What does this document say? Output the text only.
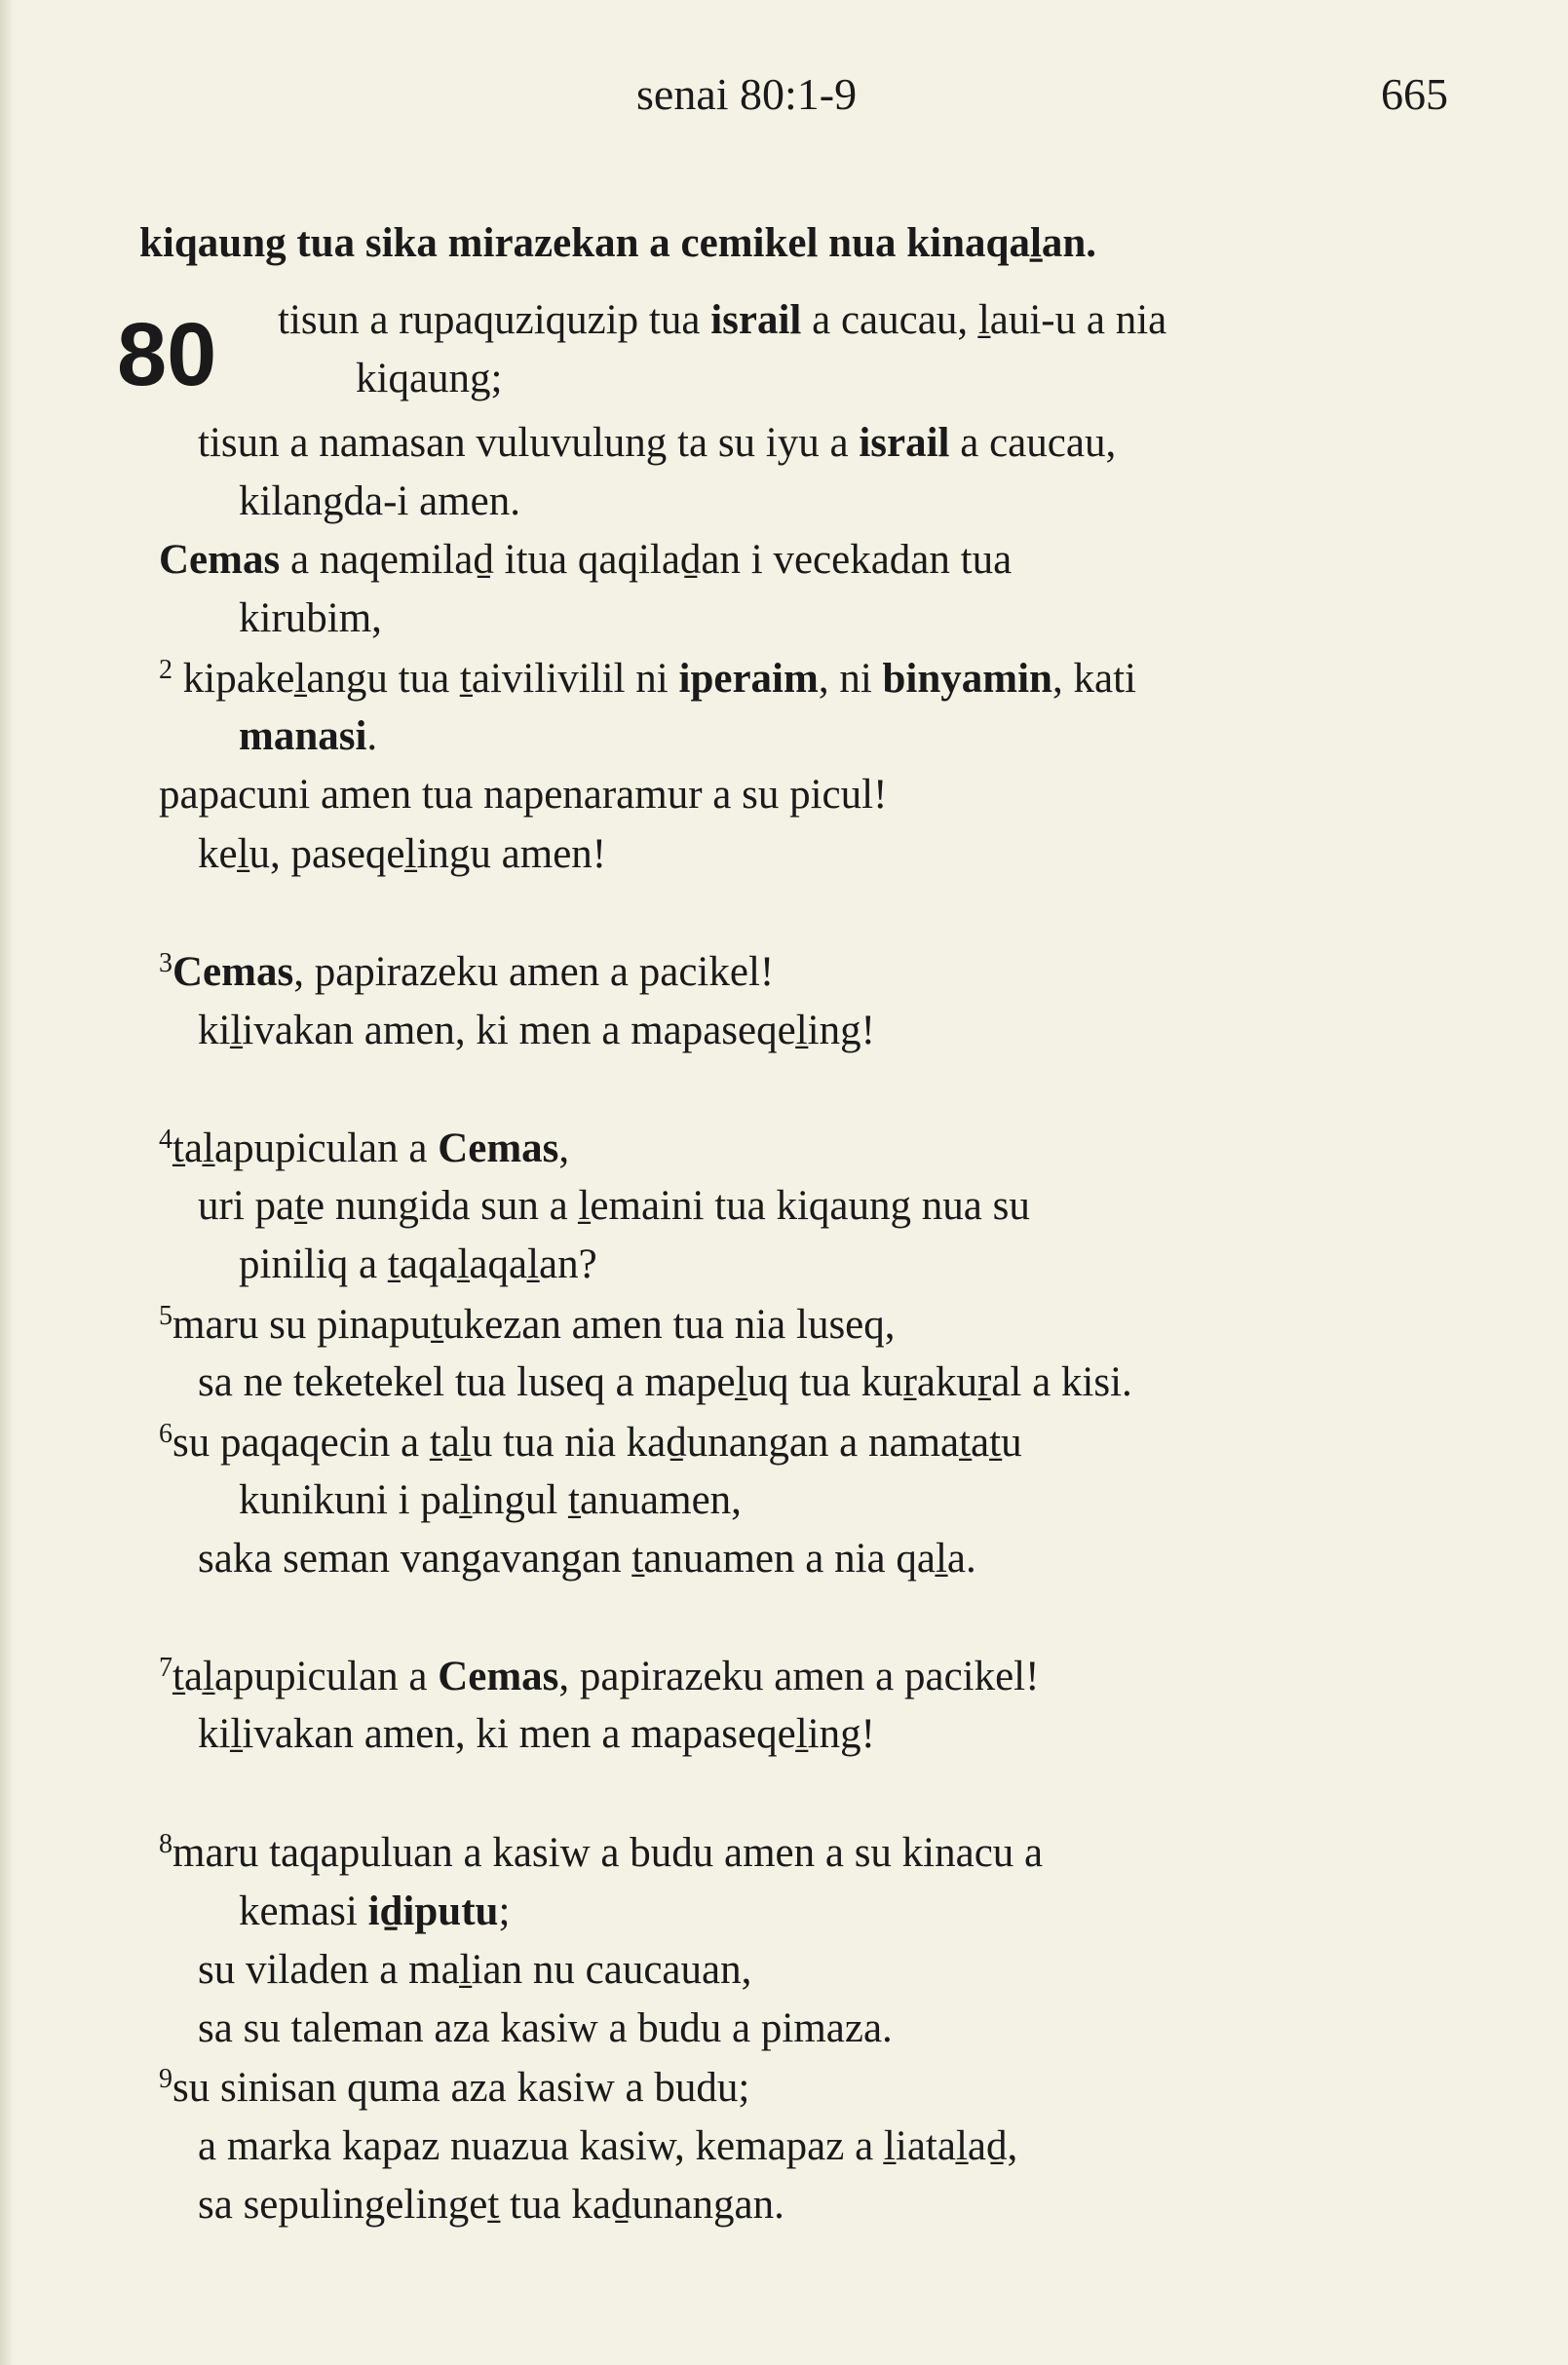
senai 80:1-9	665
kiqaung tua sika mirazekan a cemikel nua kinaqaḻan.
80 tisun a rupaquziquzip tua israil a caucau, ḻaui-u a nia
kiqaung;
tisun a namasan vuluvulung ta su iyu a israil a caucau,
kilangda-i amen.
Cemas a naqemilaḏ itua qaqilaḏan i vecekadan tua
kirubim,
$^2$ kipakeḻangu tua ṯaivilivilil ni iperaim, ni binyamin, kati
manasi.
papacuni amen tua napenaramur a su picul!
keḻu, paseqeḻingu amen!
$^3$Cemas, papirazeku amen a pacikel!
kiḻivakan amen, ki men a mapaseqeḻing!
$^4$ṯaḻapupiculan a Cemas,
uri paṯe nungida sun a ḻemaini tua kiqaung nua su
piniliq a ṯaqaḻaqaḻan?
$^5$maru su pinapuṯukezan amen tua nia luseq,
sa ne teketekel tua luseq a mapeḻuq tua kuṟakuṟal a kisi.
$^6$su paqaqecin a ṯaḻu tua nia kaḏunangan a namaṯaṯu
kunikuni i paḻingul ṯanuamen,
saka seman vangavangan ṯanuamen a nia qaḻa.
$^7$ṯaḻapupiculan a Cemas, papirazeku amen a pacikel!
kiḻivakan amen, ki men a mapaseqeḻing!
$^8$maru taqapuluan a kasiw a budu amen a su kinacu a
kemasi iḏiputu;
su viladen a maḻian nu caucauan,
sa su taleman aza kasiw a budu a pimaza.
$^9$su sinisan quma aza kasiw a budu;
a marka kapaz nuazua kasiw, kemapaz a ḻiataḻaḏ,
sa sepulingelingeṯ tua kaḏunangan.
